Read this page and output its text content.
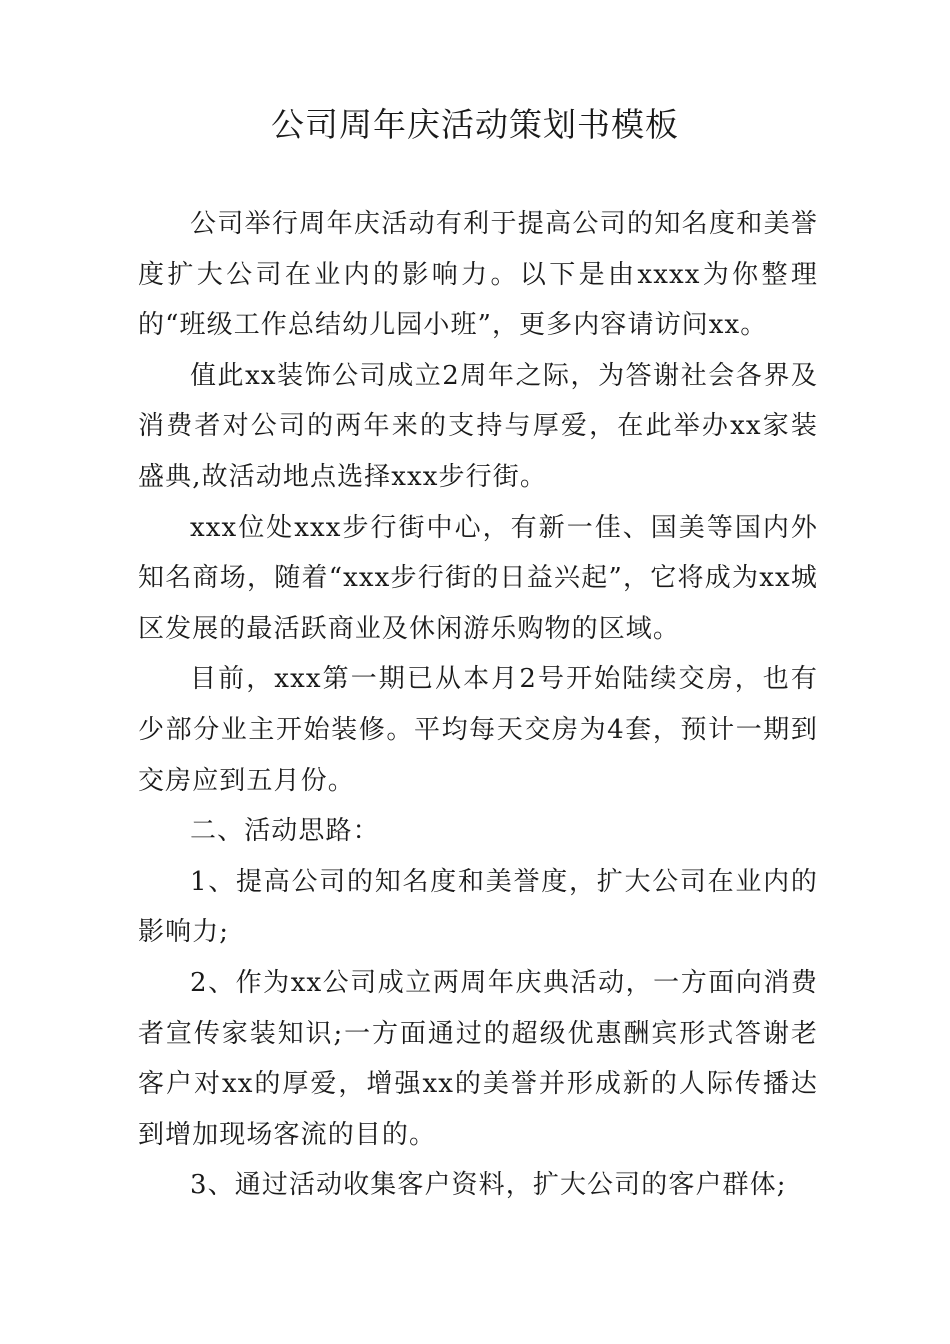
公司周年庆活动策划书模板

公司举行周年庆活动有利于提高公司的知名度和美誉度扩大公司在业内的影响力。以下是由xxxx为你整理的“班级工作总结幼儿园小班”，更多内容请访问xx。

值此xx装饰公司成立2周年之际，为答谢社会各界及消费者对公司的两年来的支持与厚爱，在此举办xx家装盛典,故活动地点选择xxx步行街。

xxx位处xxx步行街中心，有新一佳、国美等国内外知名商场，随着“xxx步行街的日益兴起”，它将成为xx城区发展的最活跃商业及休闲游乐购物的区域。

目前，xxx第一期已从本月2号开始陆续交房，也有少部分业主开始装修。平均每天交房为4套，预计一期到交房应到五月份。

二、活动思路：

1、提高公司的知名度和美誉度，扩大公司在业内的影响力;

2、作为xx公司成立两周年庆典活动，一方面向消费者宣传家装知识;一方面通过的超级优惠酬宾形式答谢老客户对xx的厚爱，增强xx的美誉并形成新的人际传播达到增加现场客流的目的。

3、通过活动收集客户资料，扩大公司的客户群体;
